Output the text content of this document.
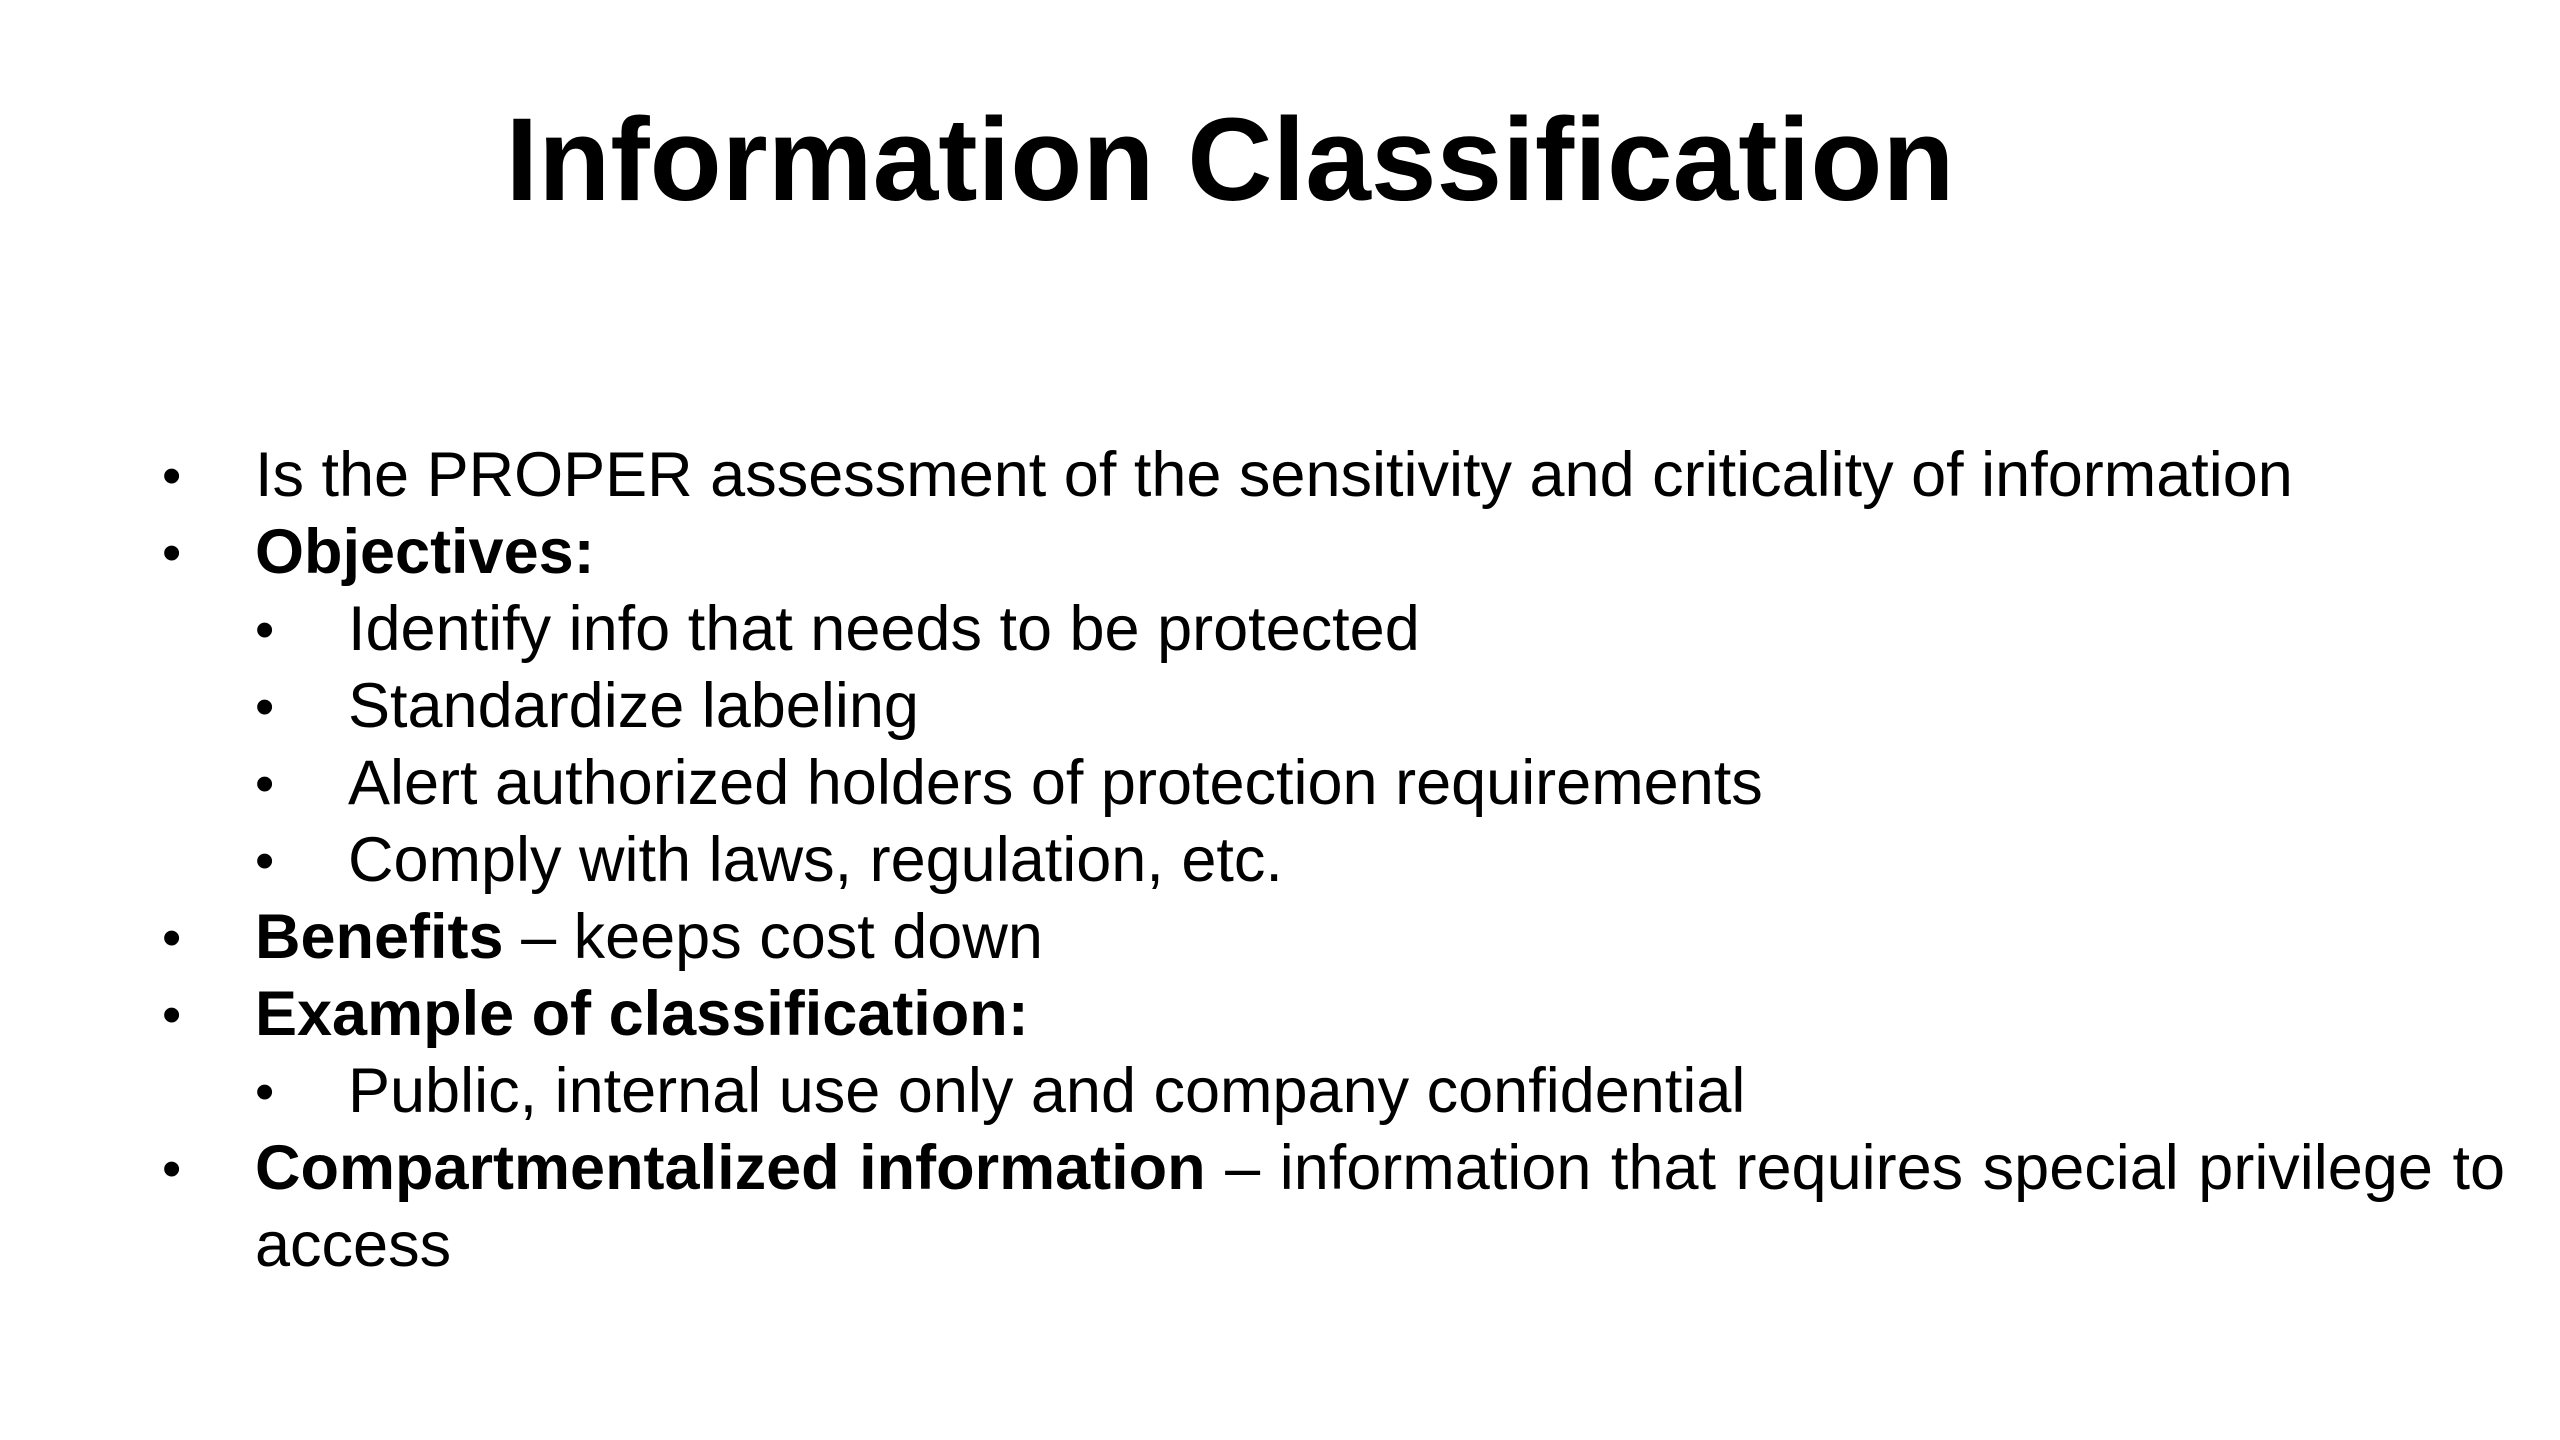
Information Classification
• Is the PROPER assessment of the sensitivity and criticality of information
• Objectives:
• Identify info that needs to be protected
• Standardize labeling
• Alert authorized holders of protection requirements
• Comply with laws, regulation, etc.
• Benefits – keeps cost down
• Example of classification:
• Public, internal use only and company confidential
• Compartmentalized information – information that requires special privilege to access
